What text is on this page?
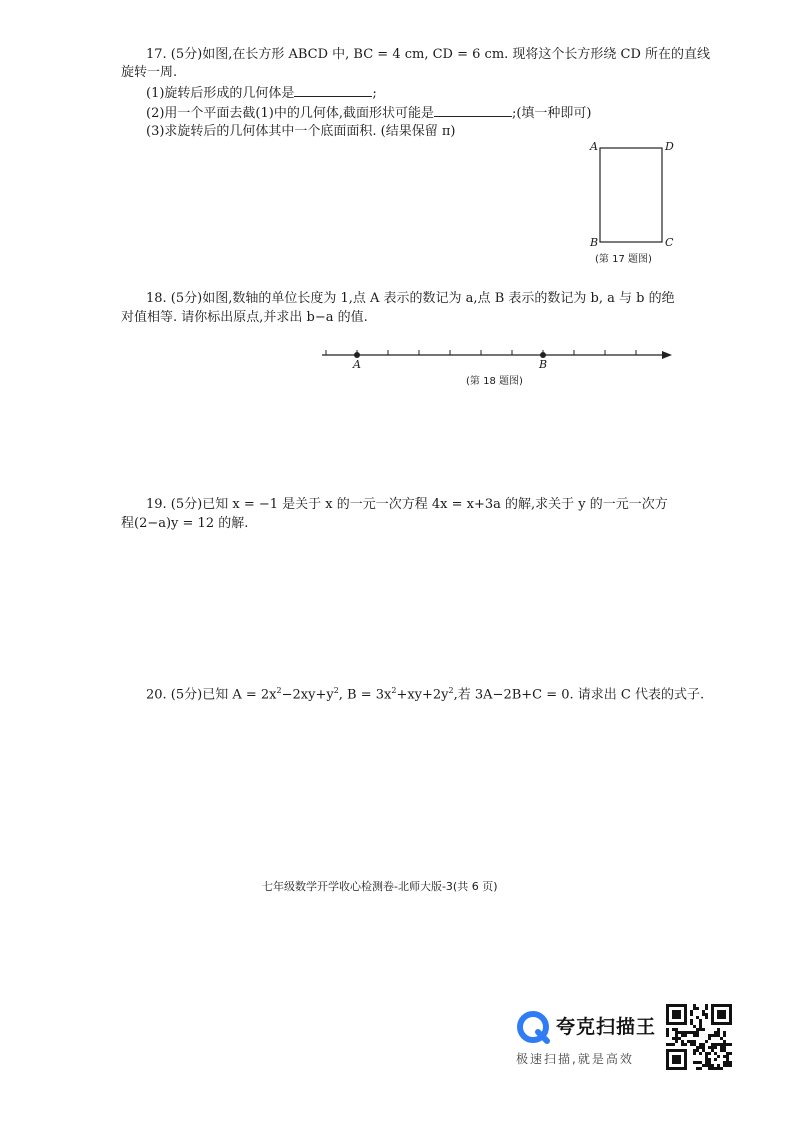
17. (5分)如图,在长方形 ABCD 中, BC = 4 cm, CD = 6 cm. 现将这个长方形绕 CD 所在的直线
旋转一周.
(1)旋转后形成的几何体是	;
(2)用一个平面去截(1)中的几何体,截面形状可能是	;(填一种即可)
(3)求旋转后的几何体其中一个底面面积. (结果保留 π)
A	D
B	C
(第 17 题图)
18. (5分)如图,数轴的单位长度为 1,点 A 表示的数记为 a,点 B 表示的数记为 b, a 与 b 的绝
对值相等. 请你标出原点,并求出 b−a 的值.
A	B
(第 18 题图)
19. (5分)已知 x = −1 是关于 x 的一元一次方程 4x = x+3a 的解,求关于 y 的一元一次方
程(2−a)y = 12 的解.
20. (5分)已知 $A = 2x^2-2xy+y^2$, $B = 3x^2+xy+2y^2$,若 3A−2B+C = 0. 请求出 C 代表的式子.
七年级数学开学收心检测卷-北师大版-3(共 6 页)
夸克扫描王
极速扫描,就是高效
